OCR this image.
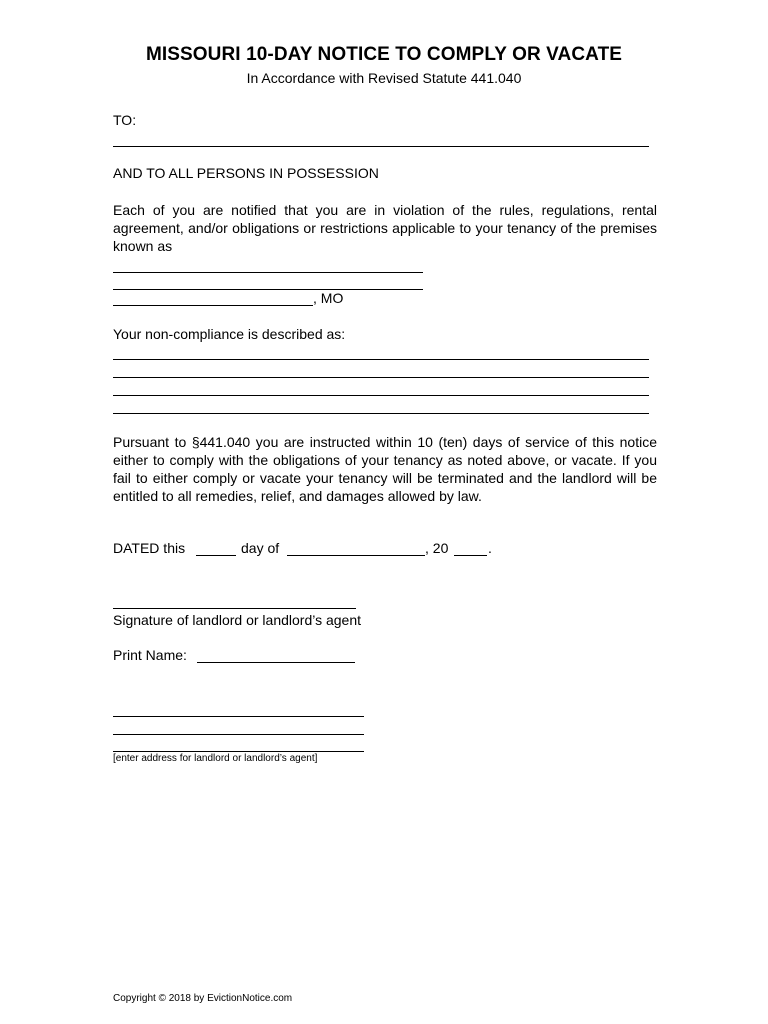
MISSOURI 10-DAY NOTICE TO COMPLY OR VACATE
In Accordance with Revised Statute 441.040
TO:
AND TO ALL PERSONS IN POSSESSION
Each of you are notified that you are in violation of the rules, regulations, rental agreement, and/or obligations or restrictions applicable to your tenancy of the premises known as
, MO
Your non-compliance is described as:
Pursuant to §441.040 you are instructed within 10 (ten) days of service of this notice either to comply with the obligations of your tenancy as noted above, or vacate. If you fail to either comply or vacate your tenancy will be terminated and the landlord will be entitled to all remedies, relief, and damages allowed by law.
DATED this	day of	, 20	.
Signature of landlord or landlord’s agent
Print Name:
[enter address for landlord or landlord’s agent]
Copyright © 2018 by EvictionNotice.com
